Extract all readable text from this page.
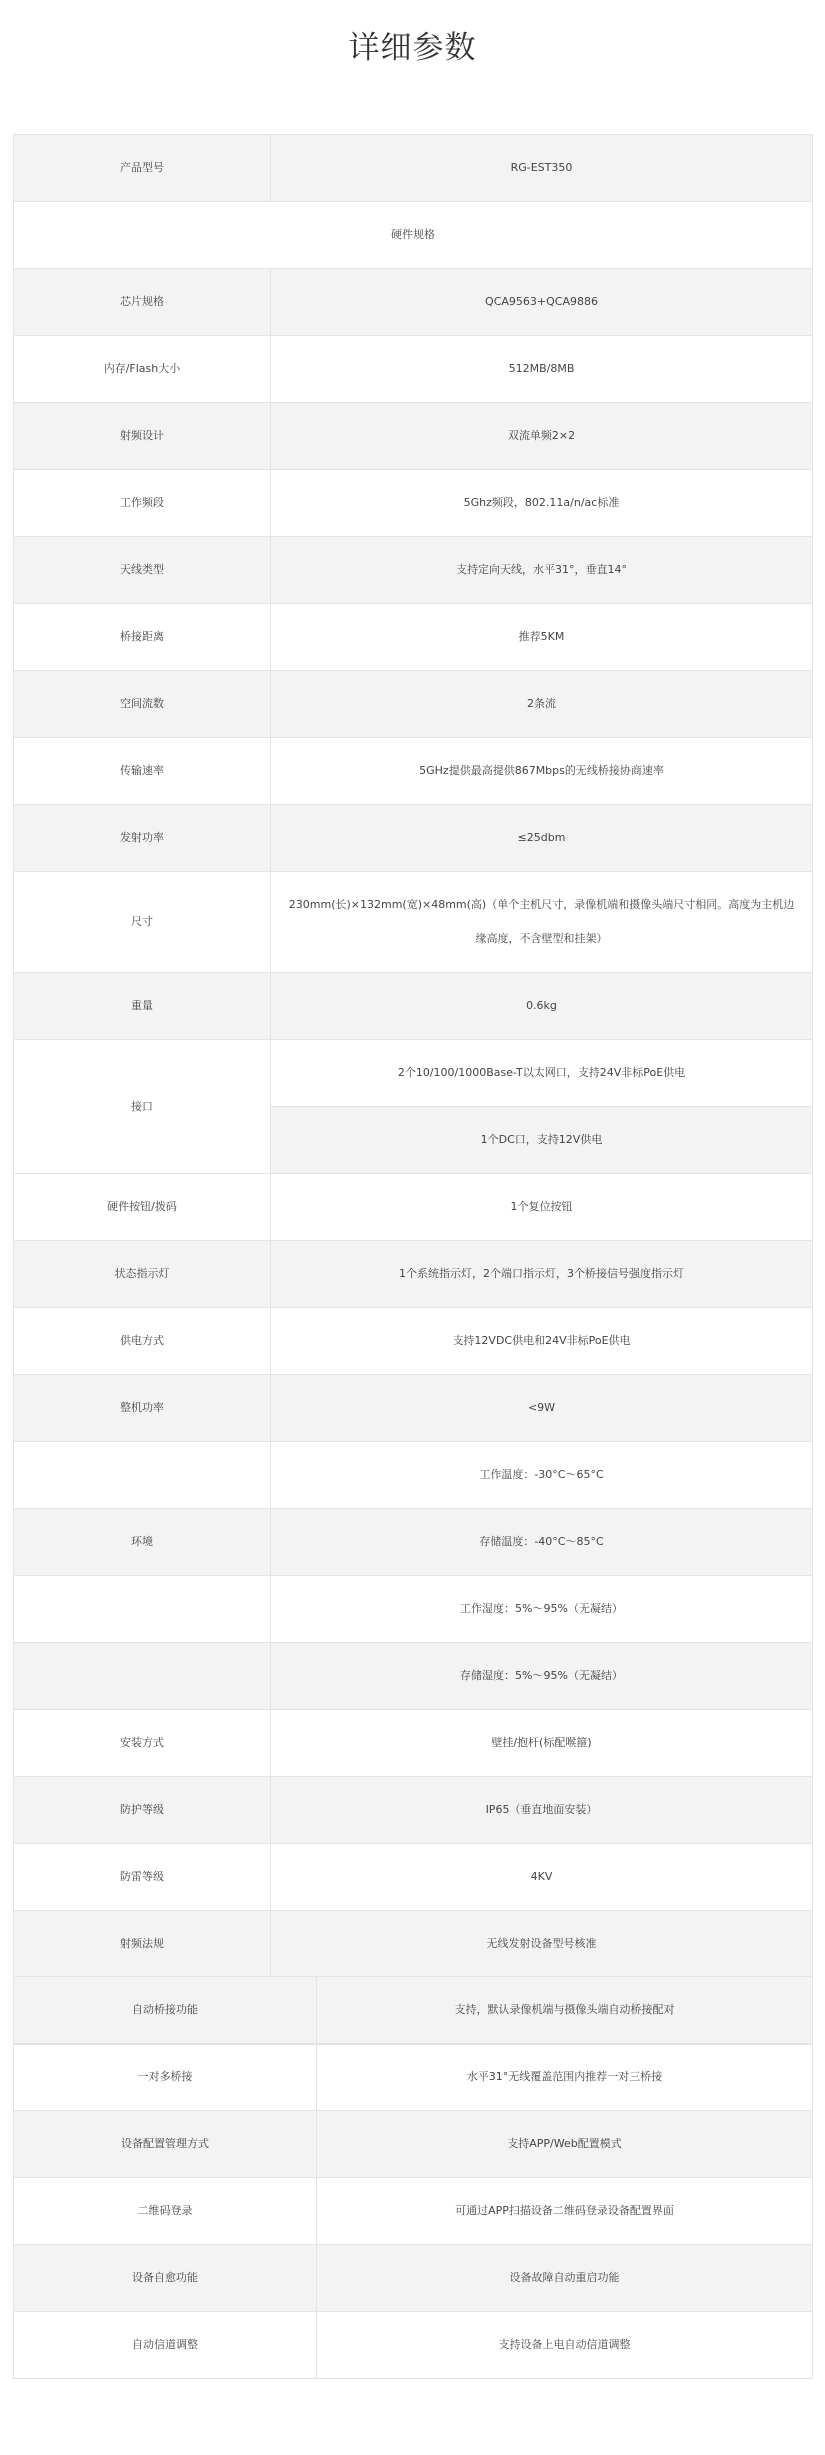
详细参数
产品型号	RG-EST350
硬件规格	
芯片规格	QCA9563+QCA9886
内存/Flash大小	512MB/8MB
射频设计	双流单频2×2
工作频段	5Ghz频段，802.11a/n/ac标准
天线类型	支持定向天线，水平31°，垂直14°
桥接距离	推荐5KM
空间流数	2条流
传输速率	5GHz提供最高提供867Mbps的无线桥接协商速率
发射功率	≤25dbm
尺寸	230mm(长)×132mm(宽)×48mm(高)（单个主机尺寸，录像机端和摄像头端尺寸相同。高度为主机边缘高度，不含壁型和挂架）
重量	0.6kg
接口	2个10/100/1000Base-T以太网口，支持24V非标PoE供电
	1个DC口，支持12V供电
硬件按钮/拨码	1个复位按钮
状态指示灯	1个系统指示灯，2个端口指示灯，3个桥接信号强度指示灯
供电方式	支持12VDC供电和24V非标PoE供电
整机功率	<9W
	工作温度：-30°C～65°C
环境	存储温度：-40°C～85°C
	工作湿度：5%～95%（无凝结）
	存储湿度：5%～95%（无凝结）
安装方式	壁挂/抱杆(标配喉箍)
防护等级	IP65（垂直地面安装）
防雷等级	4KV
射频法规	无线发射设备型号核准

自动桥接功能	支持，默认录像机端与摄像头端自动桥接配对
一对多桥接	水平31°无线覆盖范围内推荐一对三桥接
设备配置管理方式	支持APP/Web配置模式
二维码登录	可通过APP扫描设备二维码登录设备配置界面
设备自愈功能	设备故障自动重启功能
自动信道调整	支持设备上电自动信道调整
